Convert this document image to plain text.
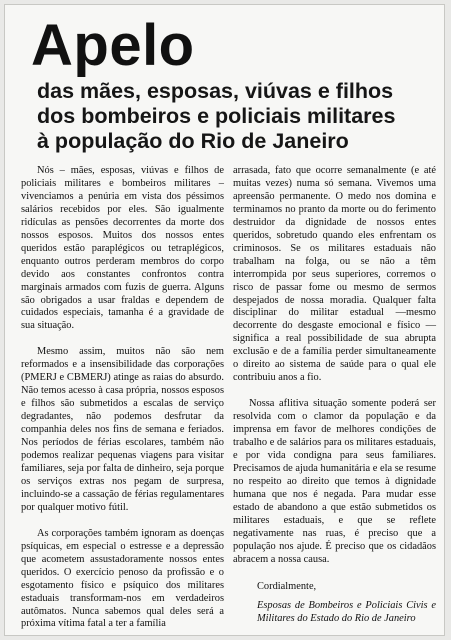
Apelo
das mães, esposas, viúvas e filhos
dos bombeiros e policiais militares
à população do Rio de Janeiro

Nós – mães, esposas, viúvas e filhos de policiais militares e bombeiros militares – vivenciamos a penúria em vista dos péssimos salários recebidos por eles. São igualmente ridículas as pensões decorrentes da morte dos nossos esposos. Muitos dos nossos entes queridos estão paraplégicos ou tetraplégicos, enquanto outros perderam membros do corpo devido aos constantes confrontos contra marginais armados com fuzis de guerra. Alguns são obrigados a usar fraldas e dependem de cuidados especiais, tamanha é a gravidade de sua situação.

Mesmo assim, muitos não são nem reformados e a insensibilidade das corporações (PMERJ e CBMERJ) atinge as raias do absurdo. Não temos acesso à casa própria, nossos esposos e filhos são submetidos a escalas de serviço degradantes, não podemos desfrutar da companhia deles nos fins de semana e feriados. Nos períodos de férias escolares, também não podemos realizar pequenas viagens para visitar familiares, seja por falta de dinheiro, seja porque os serviços extras nos pegam de surpresa, incluindo-se a cassação de férias regulamentares por qualquer motivo fútil.

As corporações também ignoram as doenças psíquicas, em especial o estresse e a depressão que acometem assustadoramente nossos entes queridos. O exercício penoso da profissão e o esgotamento físico e psíquico dos militares estaduais transformam-nos em verdadeiros autômatos. Nunca sabemos qual deles será a próxima vítima fatal a ter a família

arrasada, fato que ocorre semanalmente (e até muitas vezes) numa só semana. Vivemos uma apreensão permanente. O medo nos domina e terminamos no pranto da morte ou do ferimento destruidor da dignidade de nossos entes queridos, sobretudo quando eles enfrentam os criminosos. Se os militares estaduais não trabalham na folga, ou se não a têm interrompida por seus superiores, corremos o risco de passar fome ou mesmo de sermos despejados de nossa moradia. Qualquer falta disciplinar do militar estadual —mesmo decorrente do desgaste emocional e físico — significa a real possibilidade de sua abrupta exclusão e de a família perder simultaneamente o direito ao sistema de saúde para o qual ele contribuiu anos a fio.

Nossa aflitiva situação somente poderá ser resolvida com o clamor da população e da imprensa em favor de melhores condições de trabalho e de salários para os militares estaduais, e por vida condigna para seus familiares. Precisamos de ajuda humanitária e ela se resume no respeito ao direito que temos à dignidade humana que nos é negada. Para mudar esse estado de abandono a que estão submetidos os militares estaduais, e que se reflete negativamente nas ruas, é preciso que a população nos ajude. É preciso que os cidadãos abracem a nossa causa.

Cordialmente,
Esposas de Bombeiros e Policiais Civis e Militares do Estado do Rio de Janeiro
